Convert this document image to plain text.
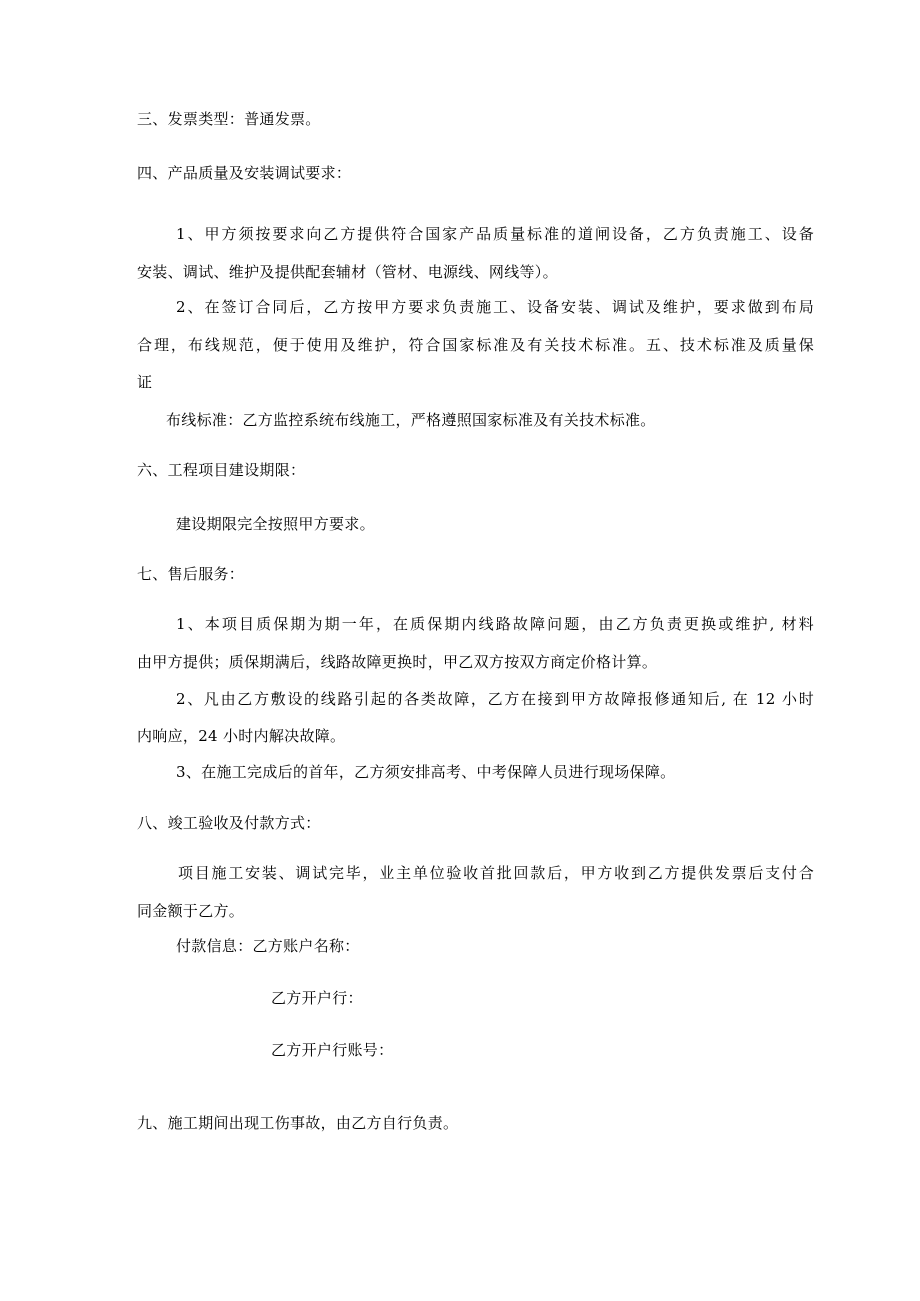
三、发票类型：普通发票。
四、产品质量及安装调试要求：
1、甲方须按要求向乙方提供符合国家产品质量标准的道闸设备，乙方负责施工、设备
安装、调试、维护及提供配套辅材（管材、电源线、网线等）。
2、在签订合同后，乙方按甲方要求负责施工、设备安装、调试及维护，要求做到布局
合理，布线规范，便于使用及维护，符合国家标准及有关技术标准。五、技术标准及质量保
证
布线标准：乙方监控系统布线施工，严格遵照国家标准及有关技术标准。
六、工程项目建设期限：
建设期限完全按照甲方要求。
七、售后服务：
1、本项目质保期为期一年，在质保期内线路故障问题，由乙方负责更换或维护, 材料
由甲方提供；质保期满后，线路故障更换时，甲乙双方按双方商定价格计算。
2、凡由乙方敷设的线路引起的各类故障，乙方在接到甲方故障报修通知后, 在 12 小时
内响应，24 小时内解决故障。
3、在施工完成后的首年，乙方须安排高考、中考保障人员进行现场保障。
八、竣工验收及付款方式：
项目施工安装、调试完毕，业主单位验收首批回款后，甲方收到乙方提供发票后支付合
同金额于乙方。
付款信息：乙方账户名称：
乙方开户行：
乙方开户行账号：
九、施工期间出现工伤事故，由乙方自行负责。
